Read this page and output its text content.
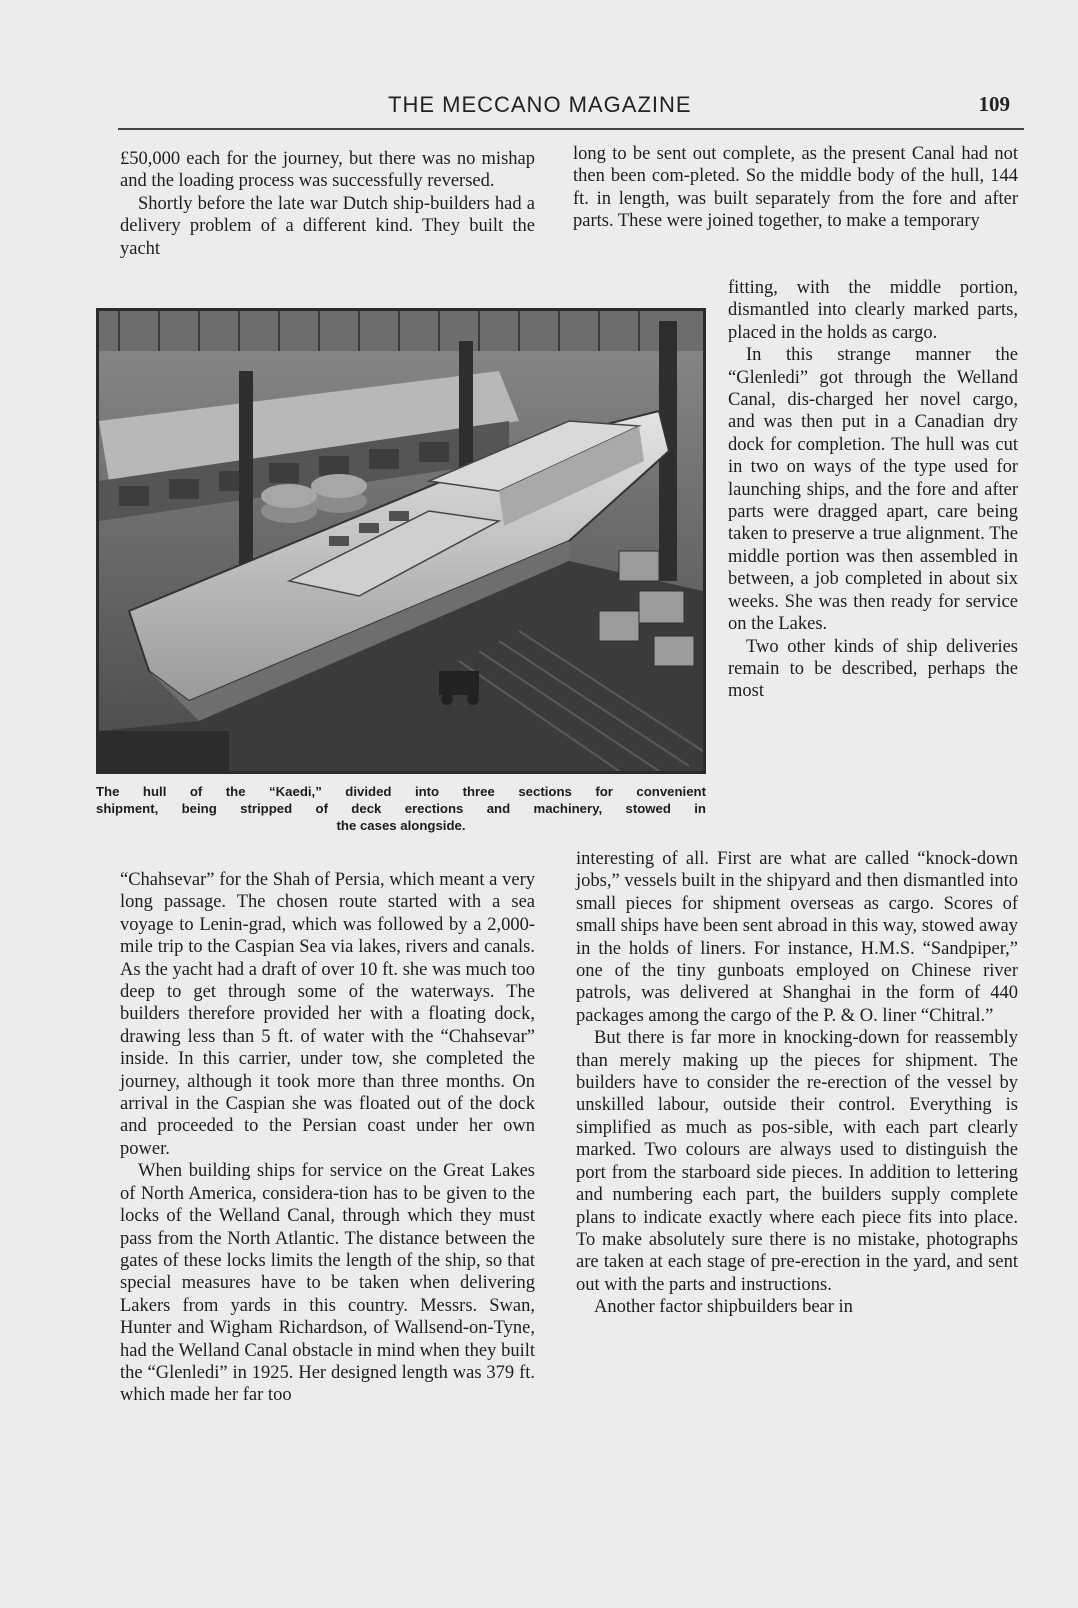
THE MECCANO MAGAZINE	109

£50,000 each for the journey, but there was no mishap and the loading process was successfully reversed.

Shortly before the late war Dutch ship-builders had a delivery problem of a different kind. They built the yacht

long to be sent out complete, as the present Canal had not then been com-pleted. So the middle body of the hull, 144 ft. in length, was built separately from the fore and after parts. These were joined together, to make a temporary

fitting, with the middle portion, dismantled into clearly marked parts, placed in the holds as cargo.

In this strange manner the “Glenledi” got through the Welland Canal, dis-charged her novel cargo, and was then put in a Canadian dry dock for completion. The hull was cut in two on ways of the type used for launching ships, and the fore and after parts were dragged apart, care being taken to preserve a true alignment. The middle portion was then assembled in between, a job completed in about six weeks. She was then ready for service on the Lakes.

Two other kinds of ship deliveries remain to be described, perhaps the most

The hull of the “Kaedi,” divided into three sections for convenient
shipment, being stripped of deck erections and machinery, stowed in
the cases alongside.

“Chahsevar” for the Shah of Persia, which meant a very long passage. The chosen route started with a sea voyage to Lenin-grad, which was followed by a 2,000-mile trip to the Caspian Sea via lakes, rivers and canals. As the yacht had a draft of over 10 ft. she was much too deep to get through some of the waterways. The builders therefore provided her with a floating dock, drawing less than 5 ft. of water with the “Chahsevar” inside. In this carrier, under tow, she completed the journey, although it took more than three months. On arrival in the Caspian she was floated out of the dock and proceeded to the Persian coast under her own power.

When building ships for service on the Great Lakes of North America, considera-tion has to be given to the locks of the Welland Canal, through which they must pass from the North Atlantic. The distance between the gates of these locks limits the length of the ship, so that special measures have to be taken when delivering Lakers from yards in this country. Messrs. Swan, Hunter and Wigham Richardson, of Wallsend-on-Tyne, had the Welland Canal obstacle in mind when they built the “Glenledi” in 1925. Her designed length was 379 ft. which made her far too

interesting of all. First are what are called “knock-down jobs,” vessels built in the shipyard and then dismantled into small pieces for shipment overseas as cargo. Scores of small ships have been sent abroad in this way, stowed away in the holds of liners. For instance, H.M.S. “Sandpiper,” one of the tiny gunboats employed on Chinese river patrols, was delivered at Shanghai in the form of 440 packages among the cargo of the P. & O. liner “Chitral.”

But there is far more in knocking-down for reassembly than merely making up the pieces for shipment. The builders have to consider the re-erection of the vessel by unskilled labour, outside their control. Everything is simplified as much as pos-sible, with each part clearly marked. Two colours are always used to distinguish the port from the starboard side pieces. In addition to lettering and numbering each part, the builders supply complete plans to indicate exactly where each piece fits into place. To make absolutely sure there is no mistake, photographs are taken at each stage of pre-erection in the yard, and sent out with the parts and instructions.

Another factor shipbuilders bear in
